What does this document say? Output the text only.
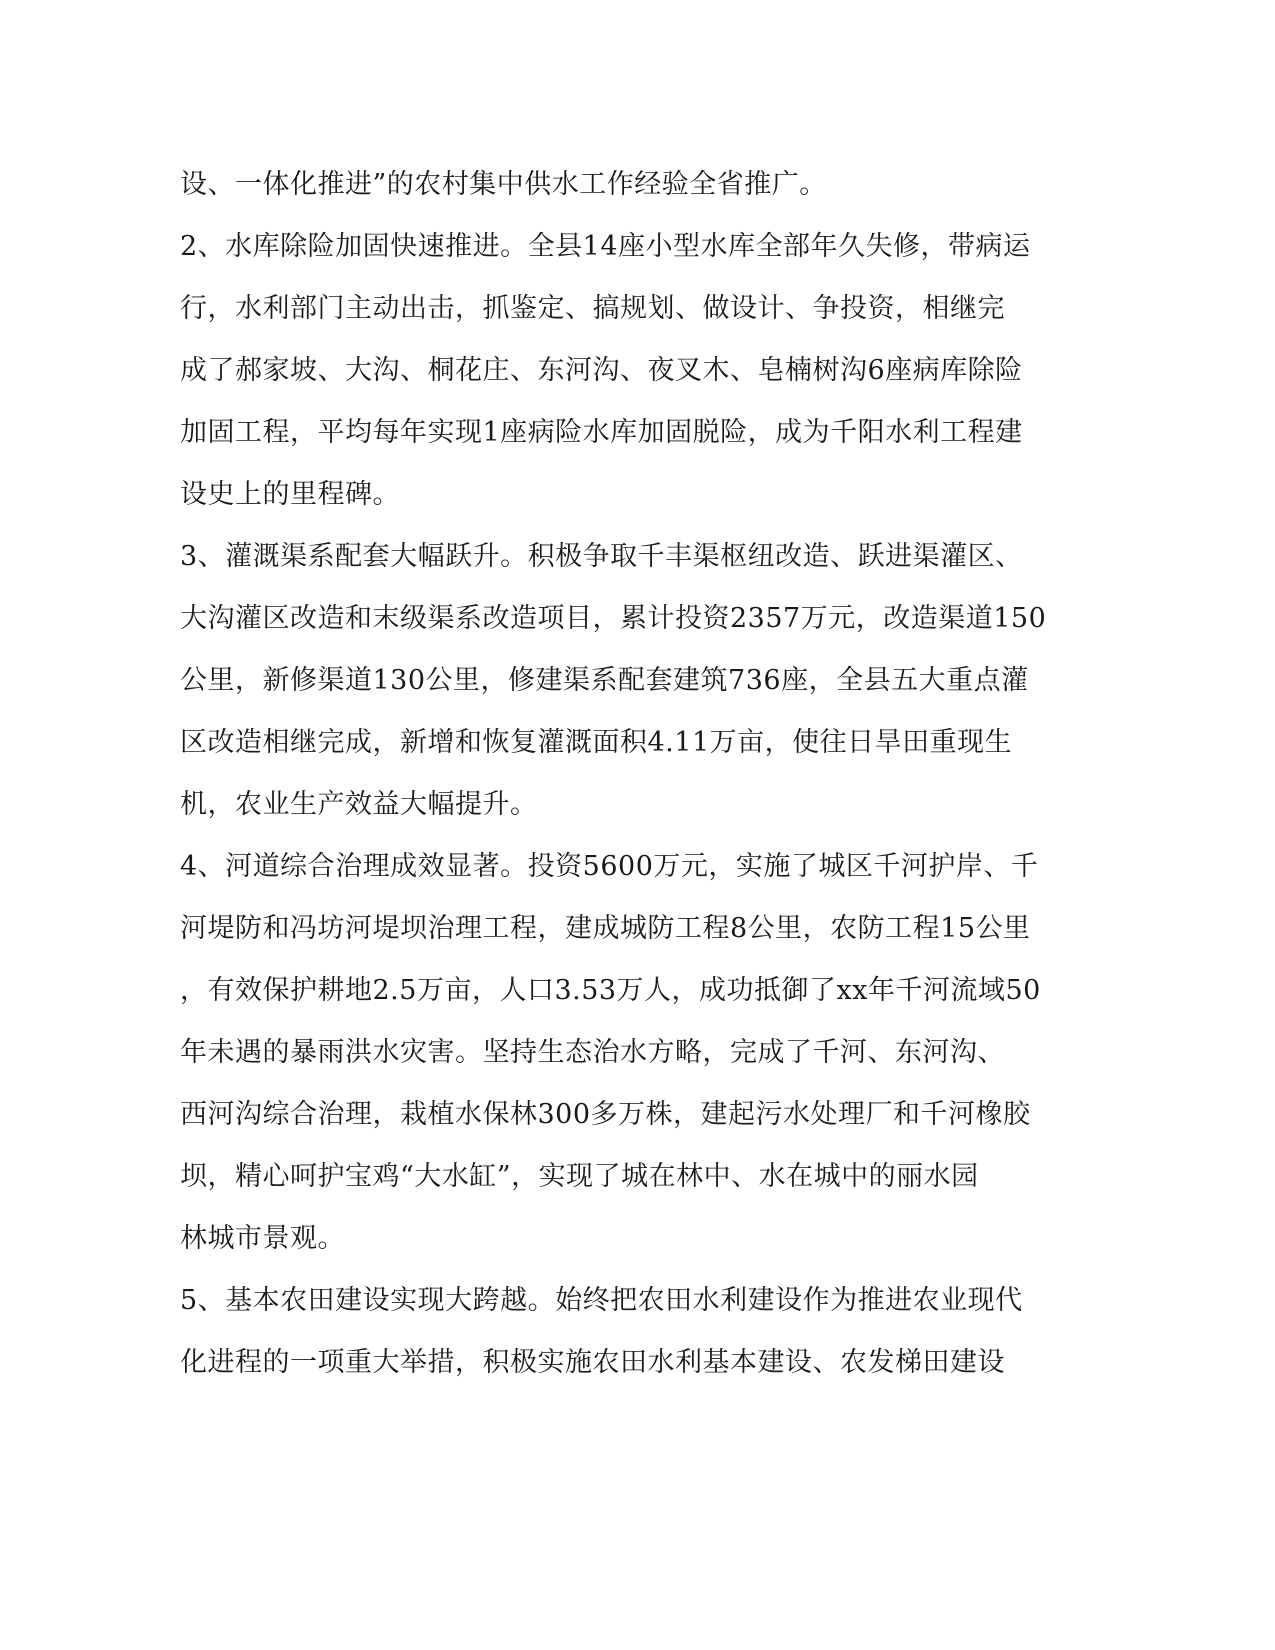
设、一体化推进”的农村集中供水工作经验全省推广。
2、水库除险加固快速推进。全县14座小型水库全部年久失修，带病运
行，水利部门主动出击，抓鉴定、搞规划、做设计、争投资，相继完
成了郝家坡、大沟、桐花庄、东河沟、夜叉木、皂楠树沟6座病库除险
加固工程，平均每年实现1座病险水库加固脱险，成为千阳水利工程建
设史上的里程碑。
3、灌溉渠系配套大幅跃升。积极争取千丰渠枢纽改造、跃进渠灌区、
大沟灌区改造和末级渠系改造项目，累计投资2357万元，改造渠道150
公里，新修渠道130公里，修建渠系配套建筑736座，全县五大重点灌
区改造相继完成，新增和恢复灌溉面积4.11万亩，使往日旱田重现生
机，农业生产效益大幅提升。
4、河道综合治理成效显著。投资5600万元，实施了城区千河护岸、千
河堤防和冯坊河堤坝治理工程，建成城防工程8公里，农防工程15公里
，有效保护耕地2.5万亩，人口3.53万人，成功抵御了xx年千河流域50
年未遇的暴雨洪水灾害。坚持生态治水方略，完成了千河、东河沟、
西河沟综合治理，栽植水保林300多万株，建起污水处理厂和千河橡胶
坝，精心呵护宝鸡“大水缸”，实现了城在林中、水在城中的丽水园
林城市景观。
5、基本农田建设实现大跨越。始终把农田水利建设作为推进农业现代
化进程的一项重大举措，积极实施农田水利基本建设、农发梯田建设
